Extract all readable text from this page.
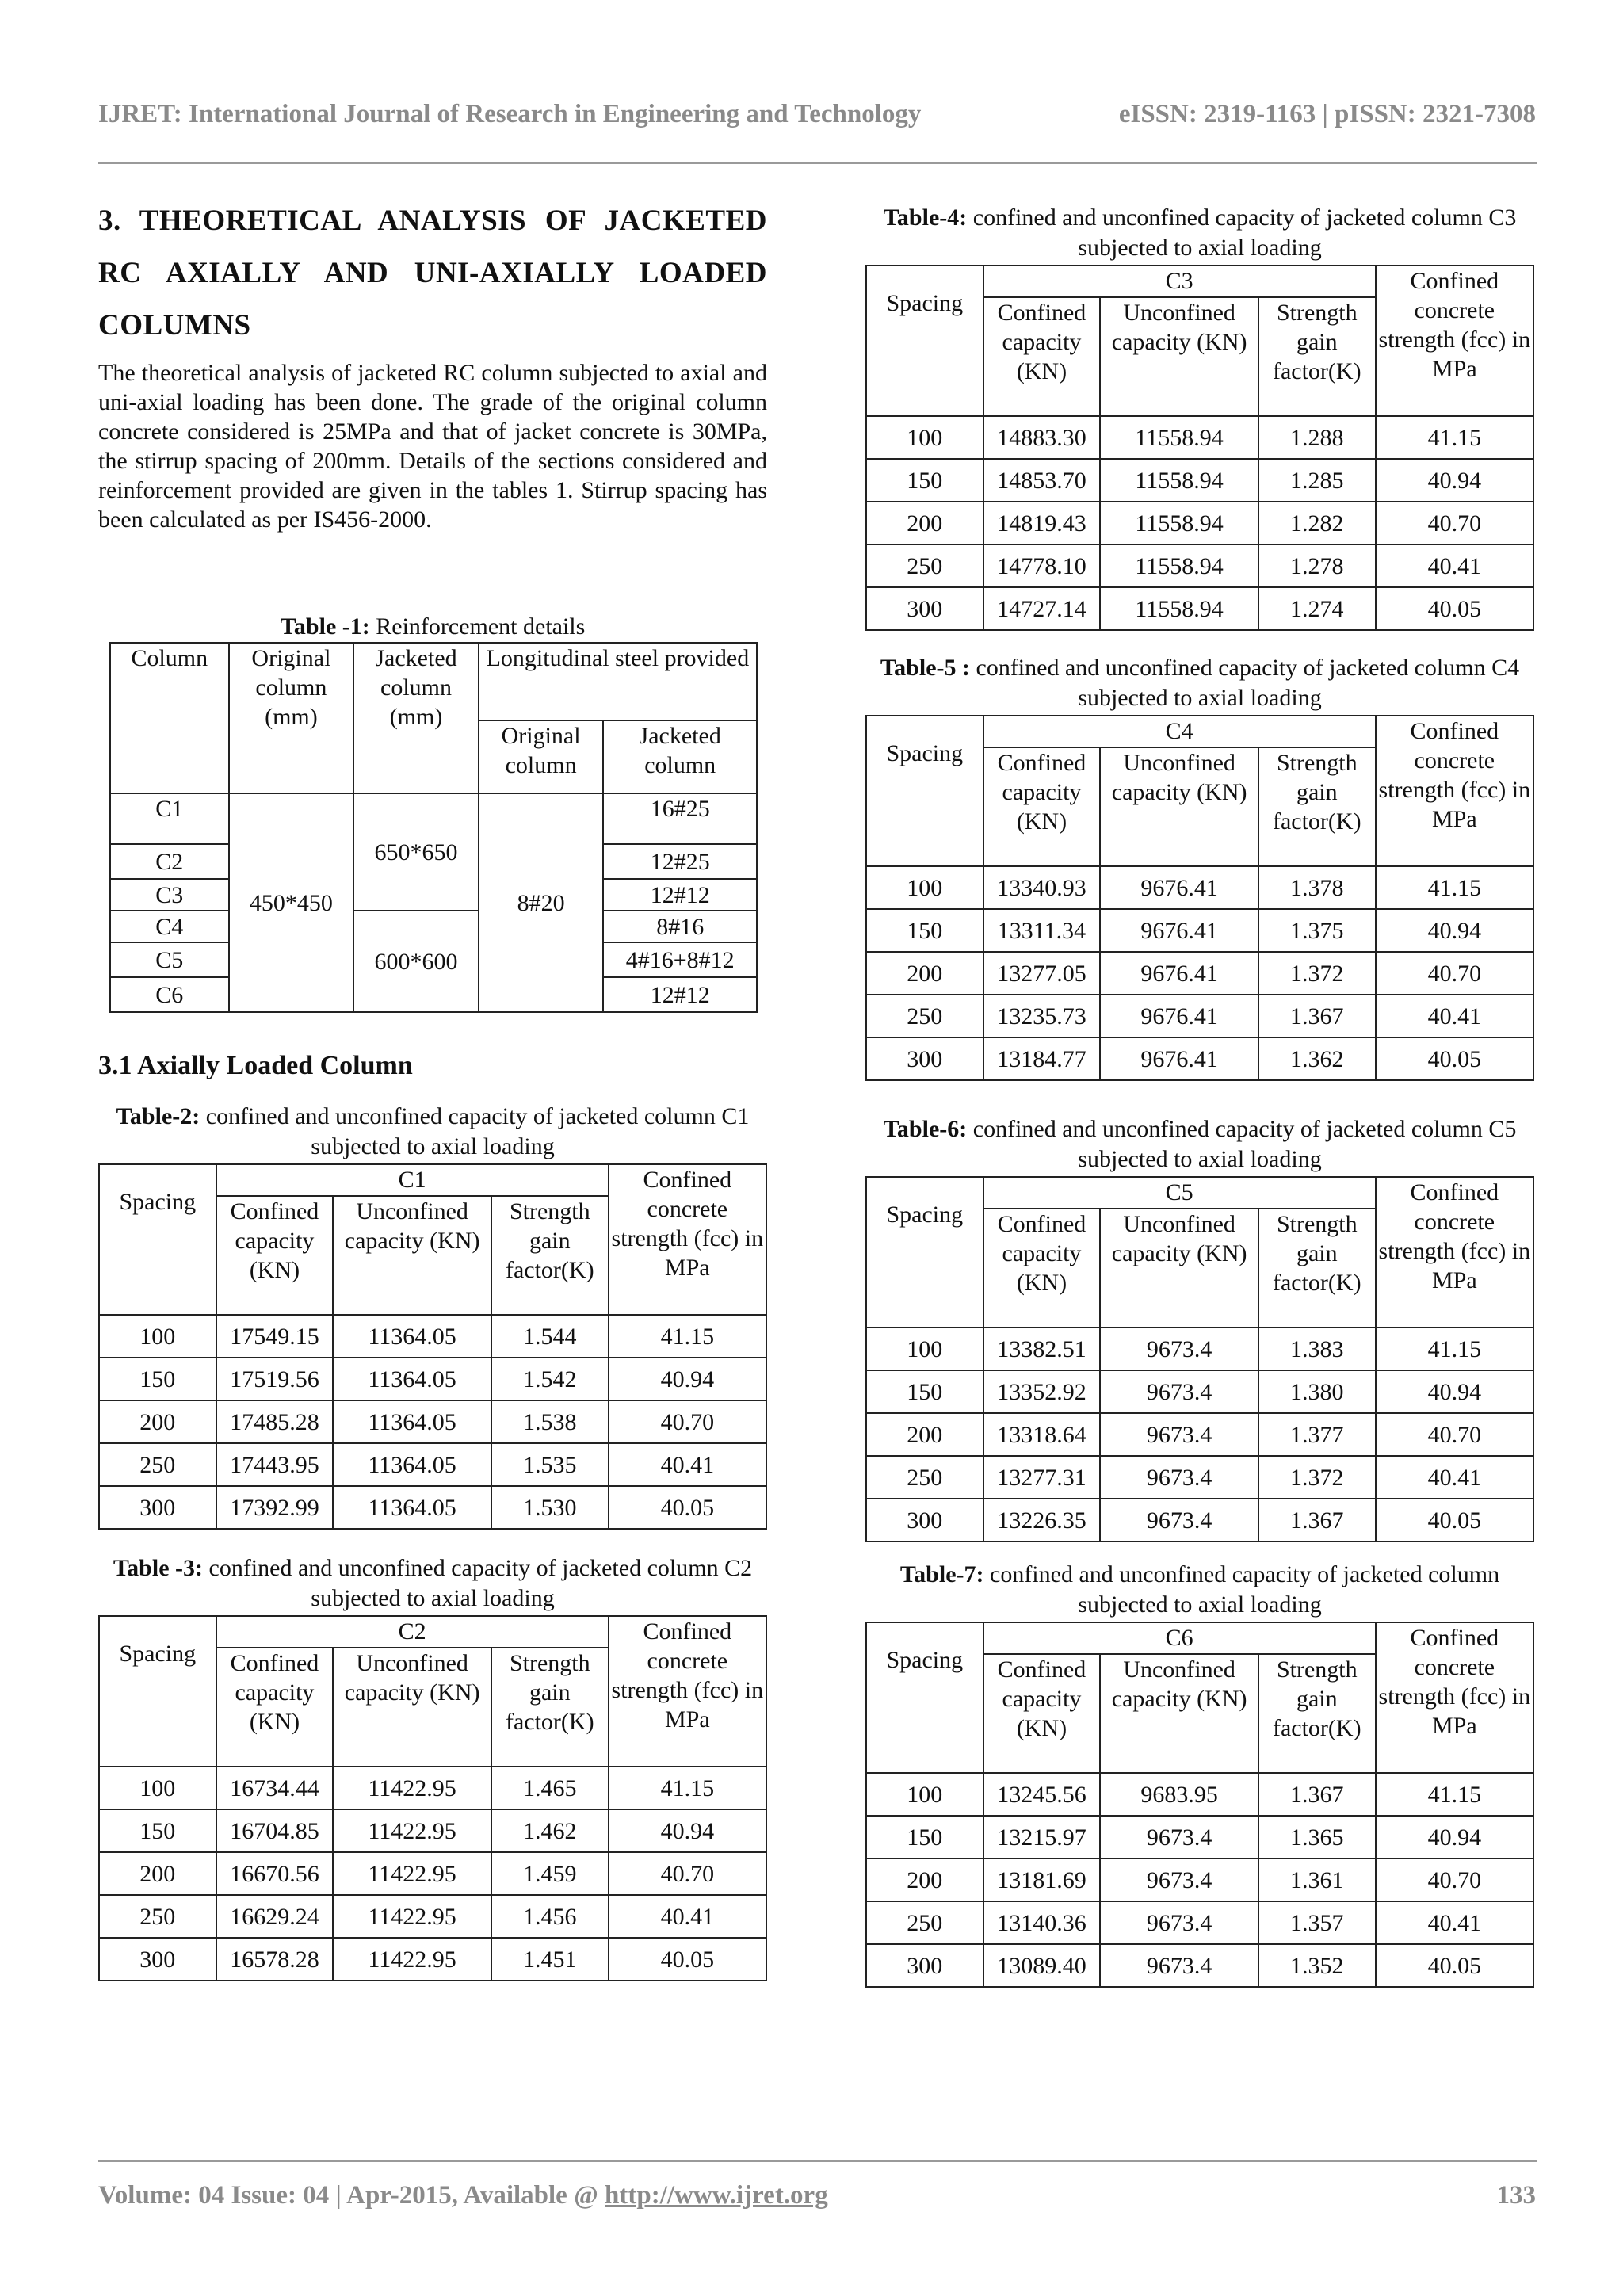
IJRET: International Journal of Research in Engineering and Technology	eISSN: 2319-1163 | pISSN: 2321-7308
3. THEORETICAL ANALYSIS OF JACKETED
RC AXIALLY AND UNI-AXIALLY LOADED
COLUMNS
The theoretical analysis of jacketed RC column subjected to axial and uni-axial loading has been done. The grade of the original column concrete considered is 25MPa and that of jacket concrete is 30MPa, the stirrup spacing of 200mm. Details of the sections considered and reinforcement provided are given in the tables 1. Stirrup spacing has been calculated as per IS456-2000.
Table -1: Reinforcement details
Column	Original column (mm)	Jacketed column (mm)	Longitudinal steel provided	
			Original column	Jacketed column
C1	450*450	650*650	8#20	16#25
C2				12#25
C3				12#12
C4		600*600		8#16
C5				4#16+8#12
C6				12#12
3.1 Axially Loaded Column
Table-2: confined and unconfined capacity of jacketed column C1 subjected to axial loading
Spacing	C1			Confined concrete strength (fcc) in MPa
	Confined capacity (KN)	Unconfined capacity (KN)	Strength gain factor(K)	
100	17549.15	11364.05	1.544	41.15
150	17519.56	11364.05	1.542	40.94
200	17485.28	11364.05	1.538	40.70
250	17443.95	11364.05	1.535	40.41
300	17392.99	11364.05	1.530	40.05
Table -3: confined and unconfined capacity of jacketed column C2 subjected to axial loading
Spacing	C2			Confined concrete strength (fcc) in MPa
	Confined capacity (KN)	Unconfined capacity (KN)	Strength gain factor(K)	
100	16734.44	11422.95	1.465	41.15
150	16704.85	11422.95	1.462	40.94
200	16670.56	11422.95	1.459	40.70
250	16629.24	11422.95	1.456	40.41
300	16578.28	11422.95	1.451	40.05
Table-4: confined and unconfined capacity of jacketed column C3 subjected to axial loading
Spacing	C3			Confined concrete strength (fcc) in MPa
	Confined capacity (KN)	Unconfined capacity (KN)	Strength gain factor(K)	
100	14883.30	11558.94	1.288	41.15
150	14853.70	11558.94	1.285	40.94
200	14819.43	11558.94	1.282	40.70
250	14778.10	11558.94	1.278	40.41
300	14727.14	11558.94	1.274	40.05
Table-5 : confined and unconfined capacity of jacketed column C4 subjected to axial loading
Spacing	C4			Confined concrete strength (fcc) in MPa
	Confined capacity (KN)	Unconfined capacity (KN)	Strength gain factor(K)	
100	13340.93	9676.41	1.378	41.15
150	13311.34	9676.41	1.375	40.94
200	13277.05	9676.41	1.372	40.70
250	13235.73	9676.41	1.367	40.41
300	13184.77	9676.41	1.362	40.05
Table-6: confined and unconfined capacity of jacketed column C5 subjected to axial loading
Spacing	C5			Confined concrete strength (fcc) in MPa
	Confined capacity (KN)	Unconfined capacity (KN)	Strength gain factor(K)	
100	13382.51	9673.4	1.383	41.15
150	13352.92	9673.4	1.380	40.94
200	13318.64	9673.4	1.377	40.70
250	13277.31	9673.4	1.372	40.41
300	13226.35	9673.4	1.367	40.05
Table-7: confined and unconfined capacity of jacketed column subjected to axial loading
Spacing	C6			Confined concrete strength (fcc) in MPa
	Confined capacity (KN)	Unconfined capacity (KN)	Strength gain factor(K)	
100	13245.56	9683.95	1.367	41.15
150	13215.97	9673.4	1.365	40.94
200	13181.69	9673.4	1.361	40.70
250	13140.36	9673.4	1.357	40.41
300	13089.40	9673.4	1.352	40.05
Volume: 04 Issue: 04 | Apr-2015, Available @ http://www.ijret.org	133
